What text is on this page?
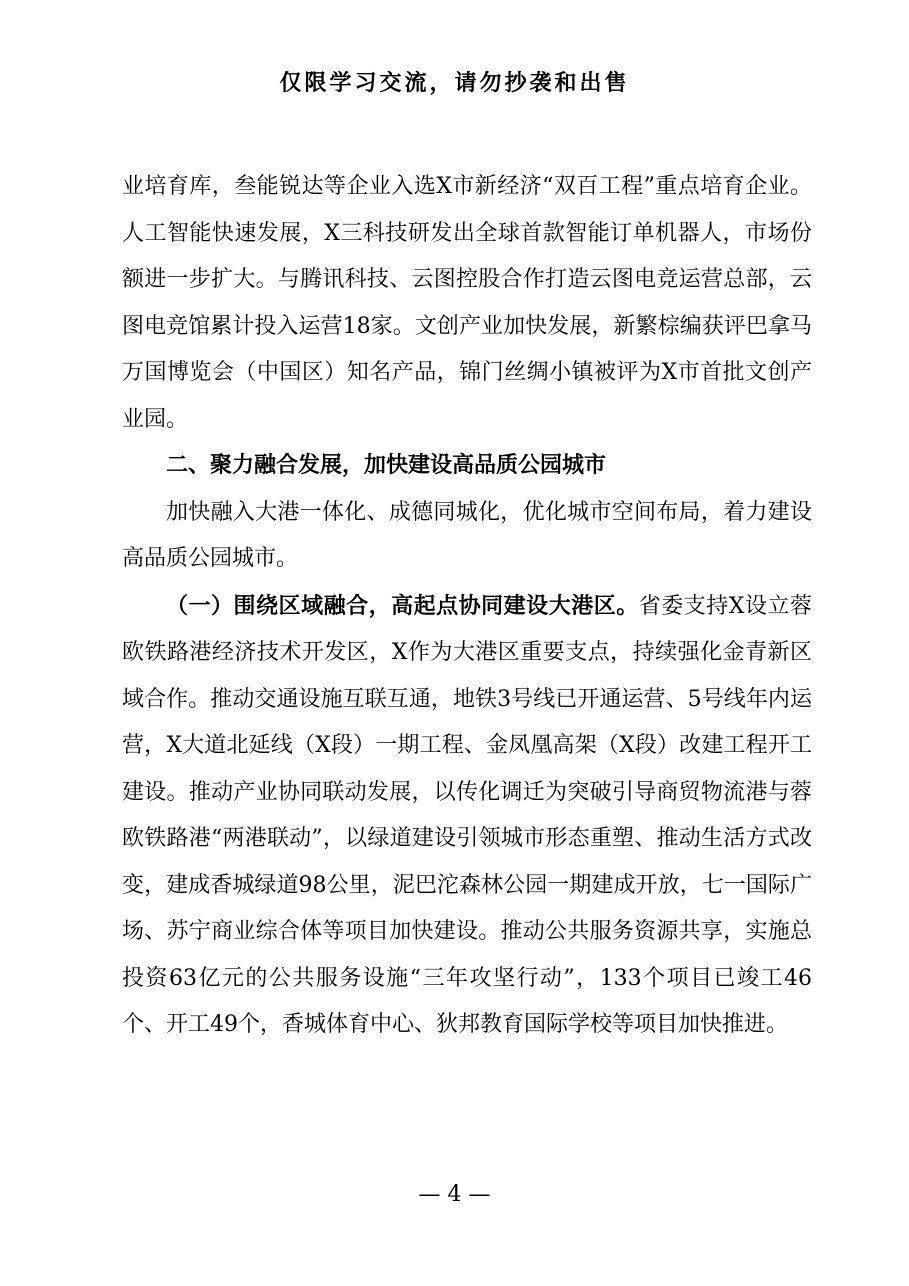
仅限学习交流，请勿抄袭和出售

业培育库，叁能锐达等企业入选X市新经济“双百工程”重点培育企业。人工智能快速发展，X三科技研发出全球首款智能订单机器人，市场份额进一步扩大。与腾讯科技、云图控股合作打造云图电竞运营总部，云图电竞馆累计投入运营18家。文创产业加快发展，新繁棕编获评巴拿马万国博览会（中国区）知名产品，锦门丝绸小镇被评为X市首批文创产业园。

二、聚力融合发展，加快建设高品质公园城市

加快融入大港一体化、成德同城化，优化城市空间布局，着力建设高品质公园城市。

（一）围绕区域融合，高起点协同建设大港区。省委支持X设立蓉欧铁路港经济技术开发区，X作为大港区重要支点，持续强化金青新区域合作。推动交通设施互联互通，地铁3号线已开通运营、5号线年内运营，X大道北延线（X段）一期工程、金凤凰高架（X段）改建工程开工建设。推动产业协同联动发展，以传化调迁为突破引导商贸物流港与蓉欧铁路港“两港联动”，以绿道建设引领城市形态重塑、推动生活方式改变，建成香城绿道98公里，泥巴沱森林公园一期建成开放，七一国际广场、苏宁商业综合体等项目加快建设。推动公共服务资源共享，实施总投资63亿元的公共服务设施“三年攻坚行动”，133个项目已竣工46个、开工49个，香城体育中心、狄邦教育国际学校等项目加快推进。

— 4 —
